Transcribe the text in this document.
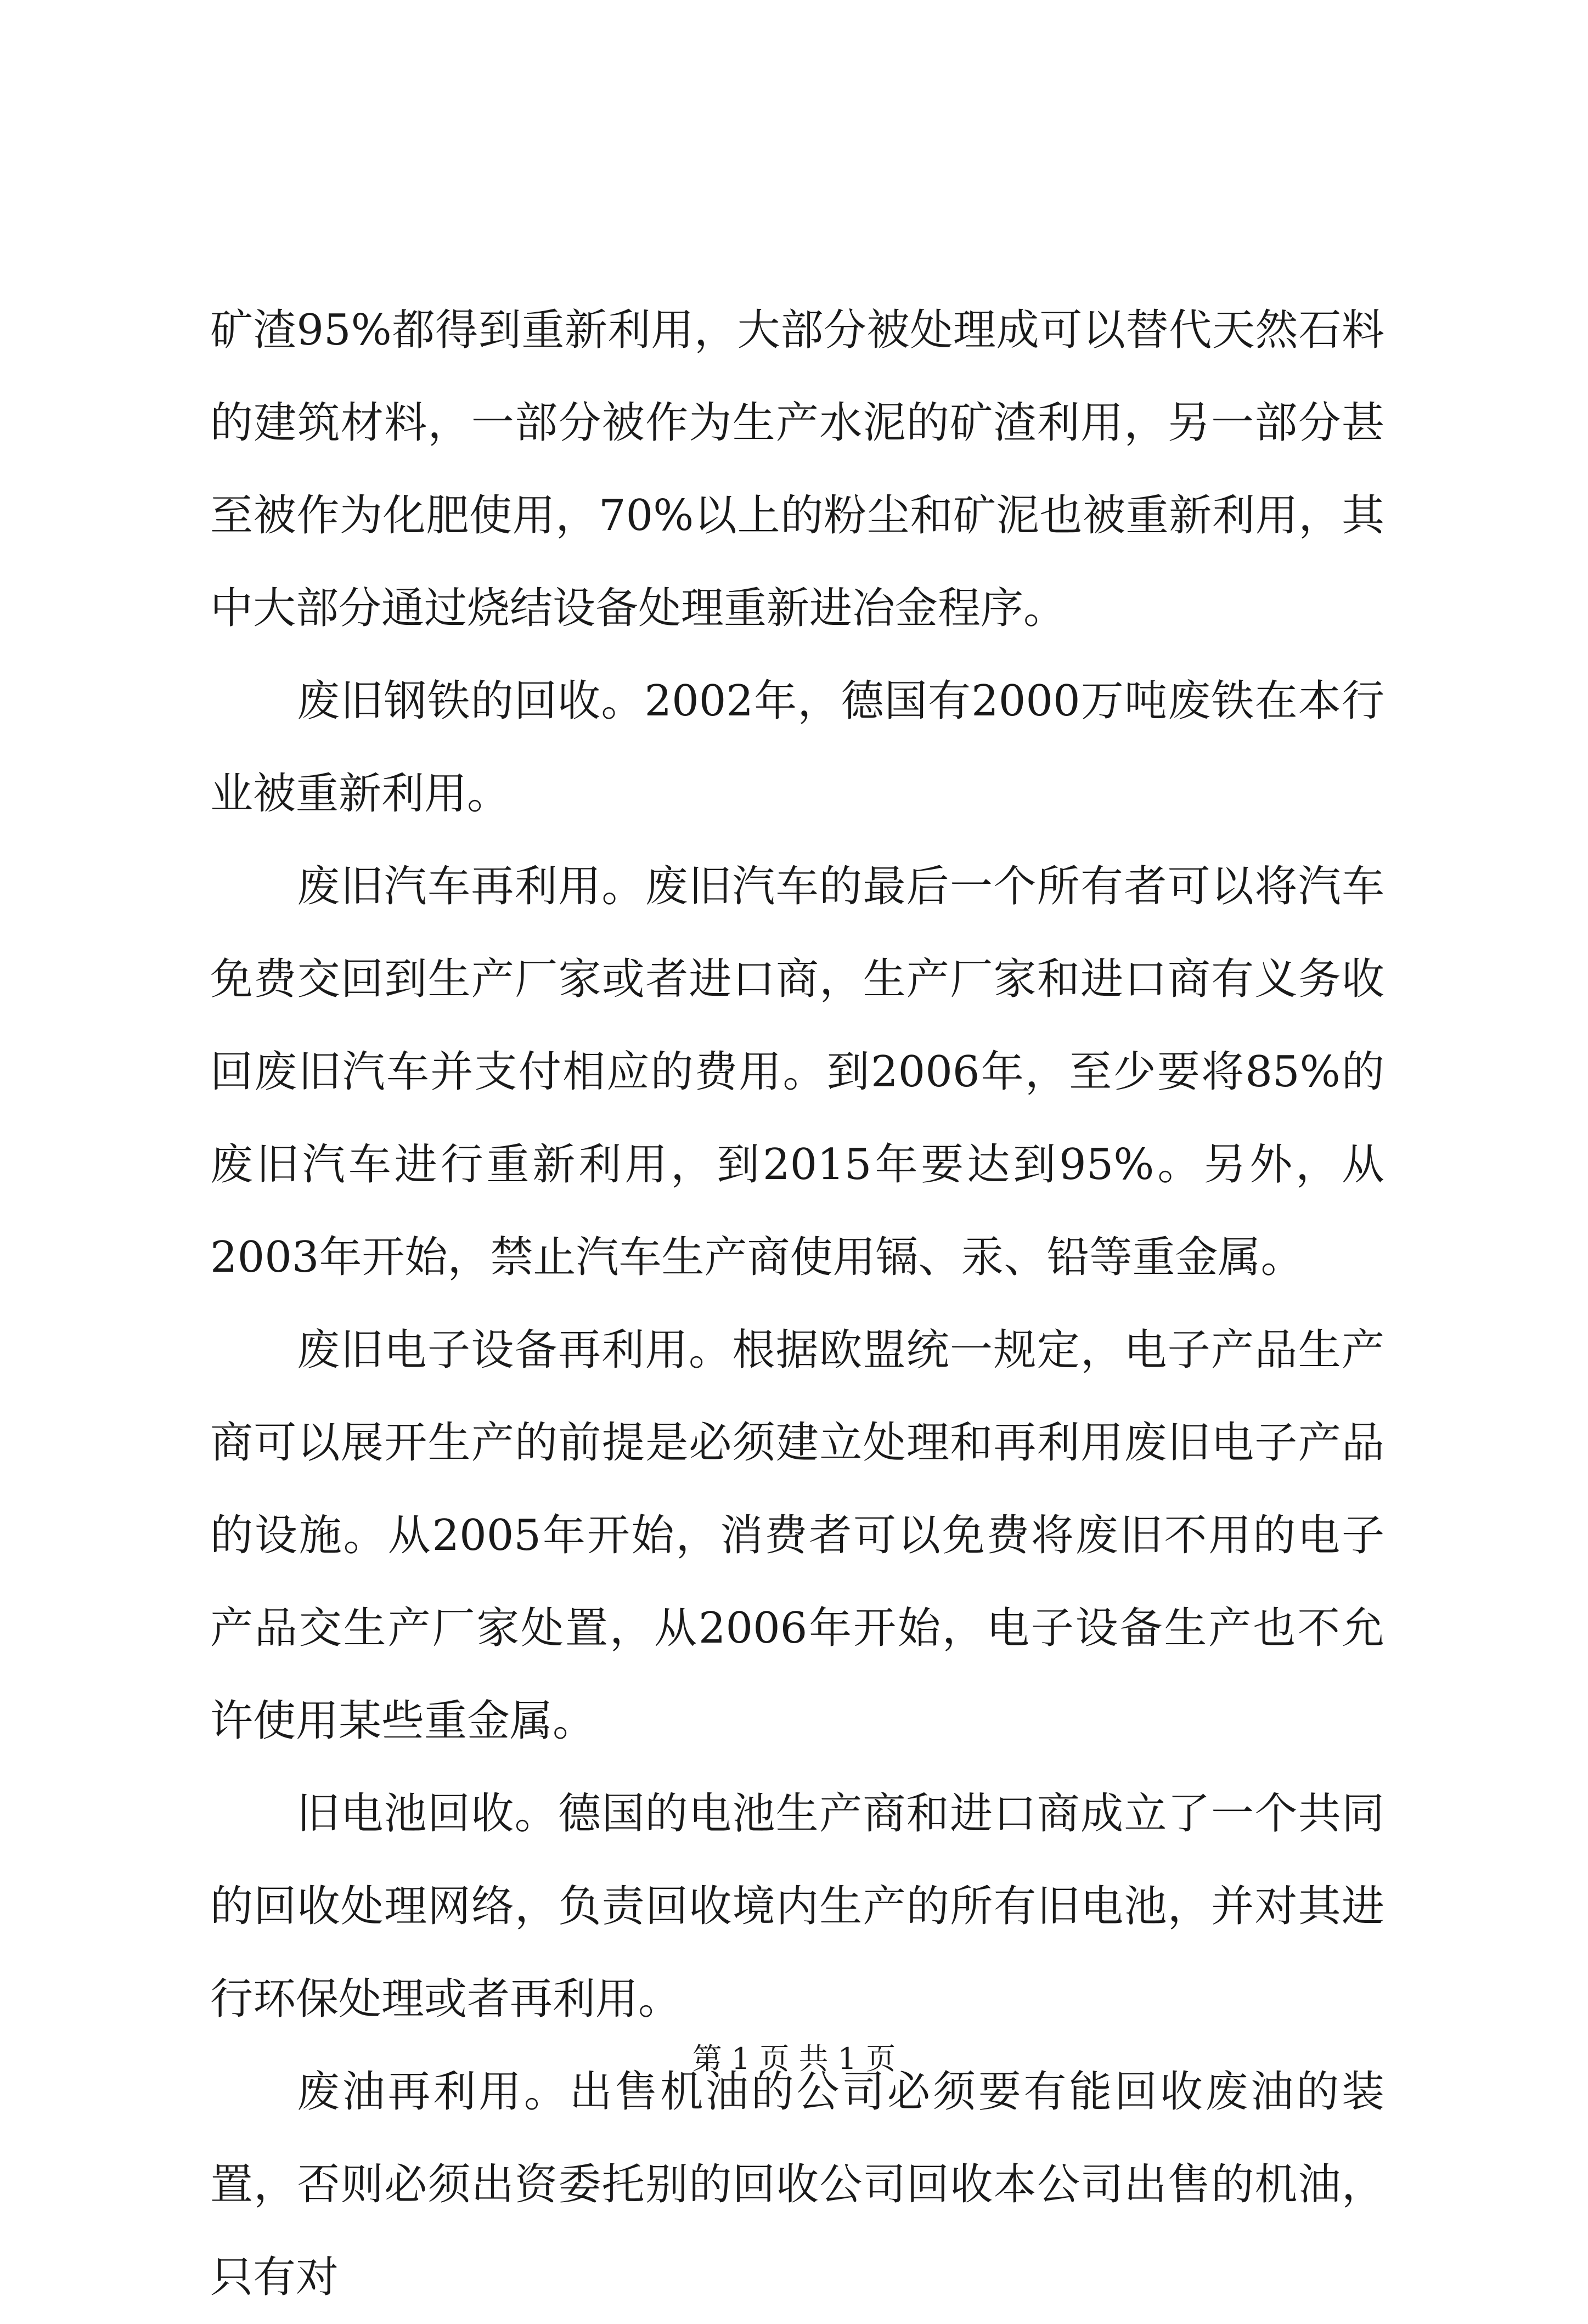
矿渣95%都得到重新利用，大部分被处理成可以替代天然石料的建筑材料，一部分被作为生产水泥的矿渣利用，另一部分甚至被作为化肥使用，70%以上的粉尘和矿泥也被重新利用，其中大部分通过烧结设备处理重新进冶金程序。

废旧钢铁的回收。2002年，德国有2000万吨废铁在本行业被重新利用。

废旧汽车再利用。废旧汽车的最后一个所有者可以将汽车免费交回到生产厂家或者进口商，生产厂家和进口商有义务收回废旧汽车并支付相应的费用。到2006年，至少要将85%的废旧汽车进行重新利用，到2015年要达到95%。另外，从2003年开始，禁止汽车生产商使用镉、汞、铅等重金属。

废旧电子设备再利用。根据欧盟统一规定，电子产品生产商可以展开生产的前提是必须建立处理和再利用废旧电子产品的设施。从2005年开始，消费者可以免费将废旧不用的电子产品交生产厂家处置，从2006年开始，电子设备生产也不允许使用某些重金属。

旧电池回收。德国的电池生产商和进口商成立了一个共同的回收处理网络，负责回收境内生产的所有旧电池，并对其进行环保处理或者再利用。

废油再利用。出售机油的公司必须要有能回收废油的装置，否则必须出资委托别的回收公司回收本公司出售的机油，只有对

第 1 页 共 1 页
